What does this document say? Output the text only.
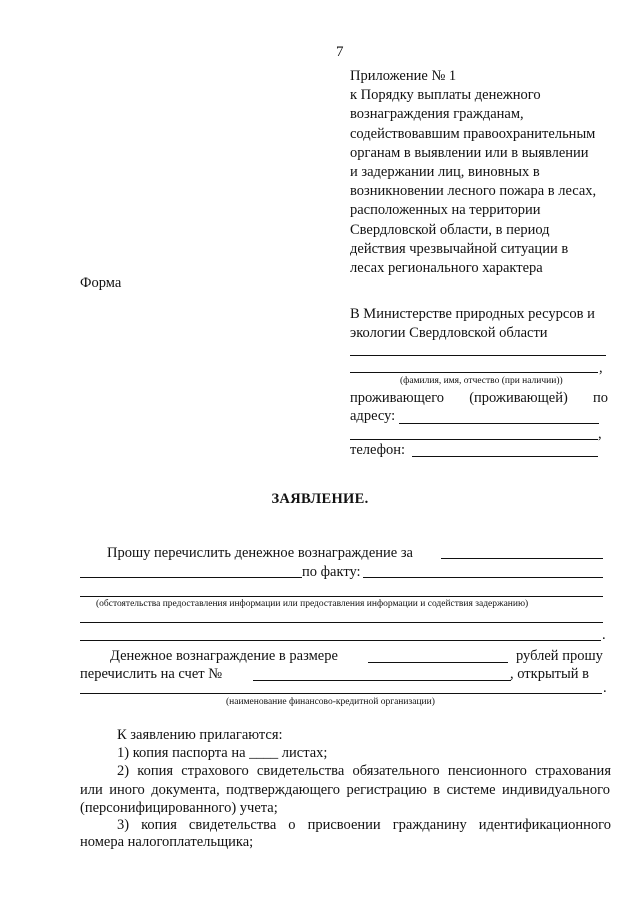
7
Приложение № 1
к Порядку выплаты денежного
вознаграждения гражданам,
содействовавшим правоохранительным
органам в выявлении или в выявлении
и задержании лиц, виновных в
возникновении лесного пожара в лесах,
расположенных на территории
Свердловской области, в период
действия чрезвычайной ситуации в
лесах регионального характера
Форма
В Министерстве природных ресурсов и
экологии Свердловской области
,
(фамилия, имя, отчество (при наличии))
проживающего (проживающей) по
адресу:
,
телефон:
ЗАЯВЛЕНИЕ.
Прошу перечислить денежное вознаграждение за
по факту:
(обстоятельства предоставления информации или предоставления информации и содействия задержанию)
.
Денежное вознаграждение в размере	рублей прошу
перечислить на счет №	, открытый в
.
(наименование финансово-кредитной организации)
К заявлению прилагаются:
1) копия паспорта на ____ листах;
2) копия страхового свидетельства обязательного пенсионного страхования
или иного документа, подтверждающего регистрацию в системе индивидуального
(персонифицированного) учета;
3) копия свидетельства о присвоении гражданину идентификационного
номера налогоплательщика;
